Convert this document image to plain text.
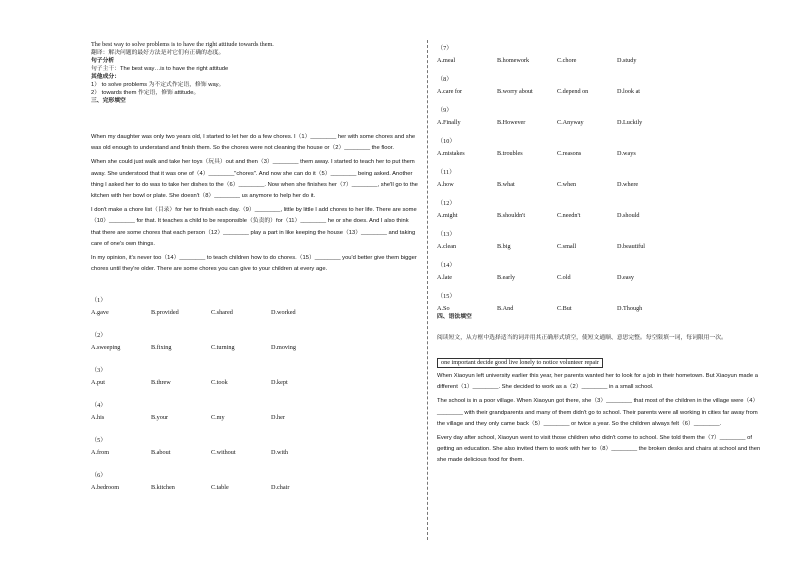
The best way to solve problems is to have the right attitude towards them.
翻译：解决问题的最好方法是对它们有正确的态度。
句子分析
句子主干：The best way…is to have the right attitude
其他成分：
1） to solve problems 为不定式作定语，修饰 way。
2） towards them 作定语，修饰 attitude。
三、完形填空
When my daughter was only two years old, I started to let her do a few chores. I（1）________ her with some chores and she was old enough to understand and finish them. So the chores were not cleaning the house or（2）________ the floor.
When she could just walk and take her toys（玩具）out and then（3）________ them away. I started to teach her to put them away. She understood that it was one of（4）________"chores". And now she can do it（5）________ being asked. Another thing I asked her to do was to take her dishes to the（6）________. Now when she finishes her（7）________, she'll go to the kitchen with her bowl or plate. She doesn't（8）________ us anymore to help her do it.
I don't make a chore list（目录）for her to finish each day.（9）________, little by little I add chores to her life. There are some（10）________ for that. It teaches a child to be responsible（负责的）for（11）________ he or she does. And I also think that there are some chores that each person（12）________ play a part in like keeping the house（13）________ and taking care of one's own things.
In my opinion, it's never too（14）________ to teach children how to do chores.（15）________ you'd better give them bigger chores until they're older. There are some chores you can give to your children at every age.
（1）
A.gave	B.provided	C.shared	D.worked
（2）
A.sweeping	B.fixing	C.turning	D.moving
（3）
A.put	B.threw	C.took	D.kept
（4）
A.his	B.your	C.my	D.her
（5）
A.from	B.about	C.without	D.with
（6）
A.bedroom	B.kitchen	C.table	D.chair
（7）
A.meal	B.homework	C.chore	D.study
（8）
A.care for	B.worry about	C.depend on	D.look at
（9）
A.Finally	B.However	C.Anyway	D.Luckily
（10）
A.mistakes	B.troubles	C.reasons	D.ways
（11）
A.how	B.what	C.when	D.where
（12）
A.might	B.shouldn't	C.needn't	D.should
（13）
A.clean	B.big	C.small	D.beautiful
（14）
A.late	B.early	C.old	D.easy
（15）
A.So	B.And	C.But	D.Though
四、语法填空
阅读短文，从方框中选择适当的词并用其正确形式填空，使短文通顺、意思完整。每空限填一词，每词限用一次。
one important decide good live lonely to notice volunteer repair
When Xiaoyun left university earlier this year, her parents wanted her to look for a job in their hometown. But Xiaoyun made a different（1）________. She decided to work as a（2）________ in a small school.
The school is in a poor village. When Xiaoyun got there, she（3）________ that most of the children in the village were（4）________ with their grandparents and many of them didn't go to school. Their parents were all working in cities far away from the village and they only came back（5）________ or twice a year. So the children always felt（6）________.
Every day after school, Xiaoyun went to visit those children who didn't come to school. She told them the（7）________ of getting an education. She also invited them to work with her to（8）________ the broken desks and chairs at school and then she made delicious food for them.
